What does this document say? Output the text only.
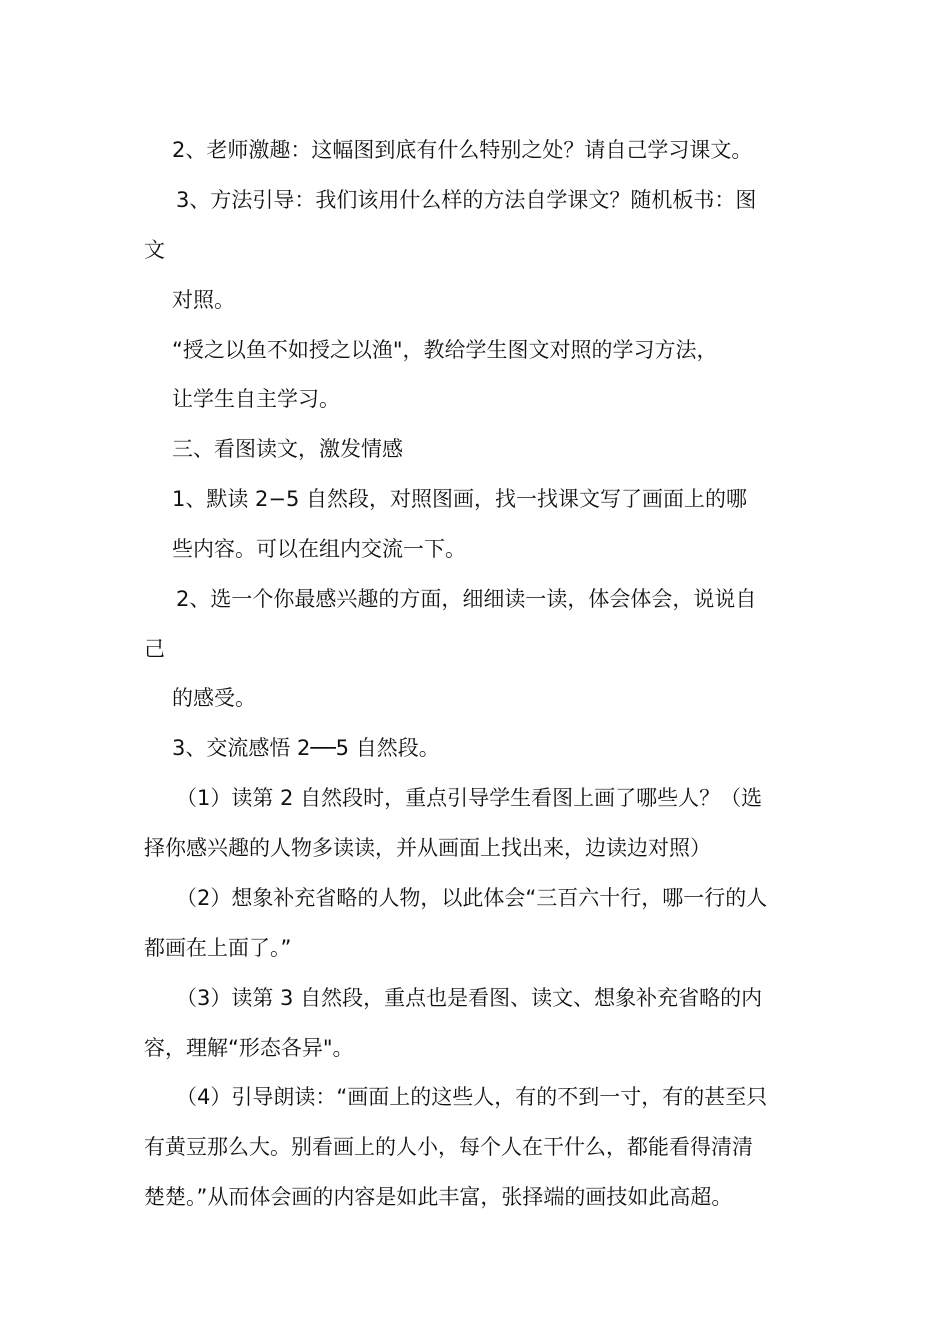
2、老师激趣：这幅图到底有什么特别之处？请自己学习课文。
3、方法引导：我们该用什么样的方法自学课文？随机板书：图
文
对照。
“授之以鱼不如授之以渔"，教给学生图文对照的学习方法，
让学生自主学习。
三、看图读文，激发情感
1、默读 2−5 自然段，对照图画，找一找课文写了画面上的哪
些内容。可以在组内交流一下。
2、选一个你最感兴趣的方面，细细读一读，体会体会，说说自
己
的感受。
3、交流感悟 2──5 自然段。
（1）读第 2 自然段时，重点引导学生看图上画了哪些人？（选
择你感兴趣的人物多读读，并从画面上找出来，边读边对照）
（2）想象补充省略的人物，以此体会“三百六十行，哪一行的人
都画在上面了。”
（3）读第 3 自然段，重点也是看图、读文、想象补充省略的内
容，理解“形态各异"。
（4）引导朗读：“画面上的这些人，有的不到一寸，有的甚至只
有黄豆那么大。别看画上的人小，每个人在干什么，都能看得清清
楚楚。”从而体会画的内容是如此丰富，张择端的画技如此高超。
